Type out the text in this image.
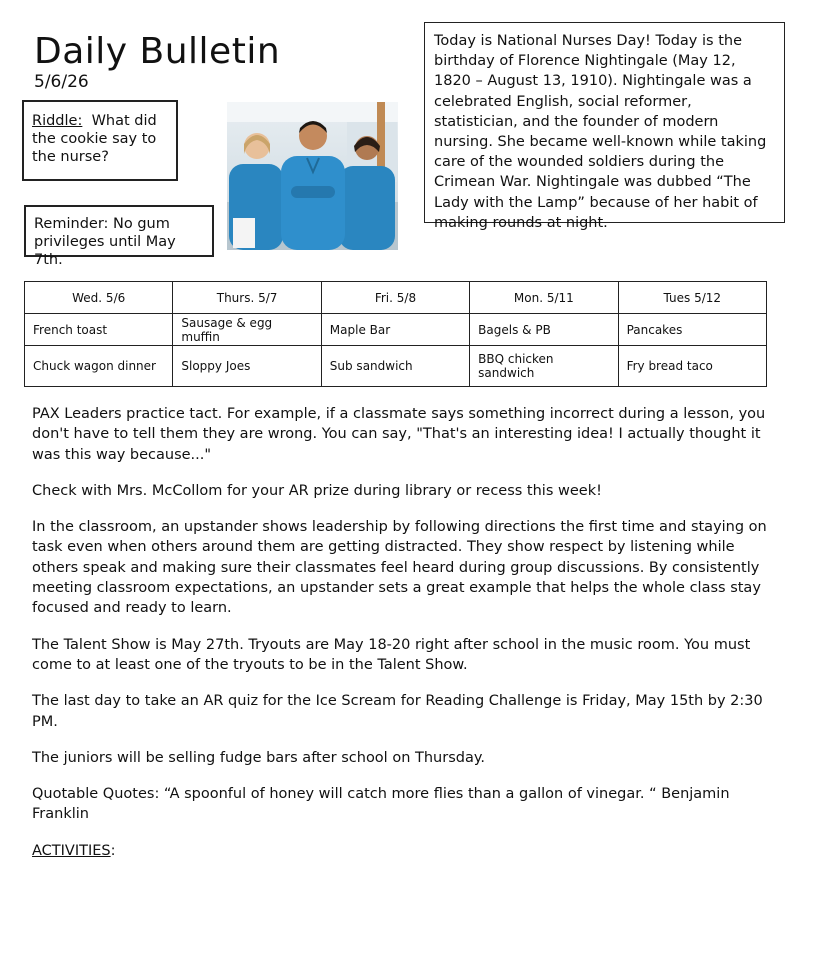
Daily Bulletin
5/6/26
Riddle: What did the cookie say to the nurse?
Reminder: No gum privileges until May 7th.
Today is National Nurses Day! Today is the birthday of Florence Nightingale (May 12, 1820 – August 13, 1910). Nightingale was a celebrated English, social reformer, statistician, and the founder of modern nursing. She became well-known while taking care of the wounded soldiers during the Crimean War. Nightingale was dubbed “The Lady with the Lamp” because of her habit of making rounds at night.
Wed. 5/6	Thurs. 5/7	Fri. 5/8	Mon. 5/11	Tues 5/12
French toast	Sausage & egg muffin	Maple Bar	Bagels & PB	Pancakes
Chuck wagon dinner	Sloppy Joes	Sub sandwich	BBQ chicken sandwich	Fry bread taco

PAX Leaders practice tact. For example, if a classmate says something incorrect during a lesson, you don't have to tell them they are wrong. You can say, "That's an interesting idea! I actually thought it was this way because..."

Check with Mrs. McCollom for your AR prize during library or recess this week!

In the classroom, an upstander shows leadership by following directions the first time and staying on task even when others around them are getting distracted. They show respect by listening while others speak and making sure their classmates feel heard during group discussions. By consistently meeting classroom expectations, an upstander sets a great example that helps the whole class stay focused and ready to learn.

The Talent Show is May 27th. Tryouts are May 18-20 right after school in the music room. You must come to at least one of the tryouts to be in the Talent Show.

The last day to take an AR quiz for the Ice Scream for Reading Challenge is Friday, May 15th by 2:30 PM.

The juniors will be selling fudge bars after school on Thursday.

Quotable Quotes: “A spoonful of honey will catch more flies than a gallon of vinegar. “ Benjamin Franklin

ACTIVITIES:
